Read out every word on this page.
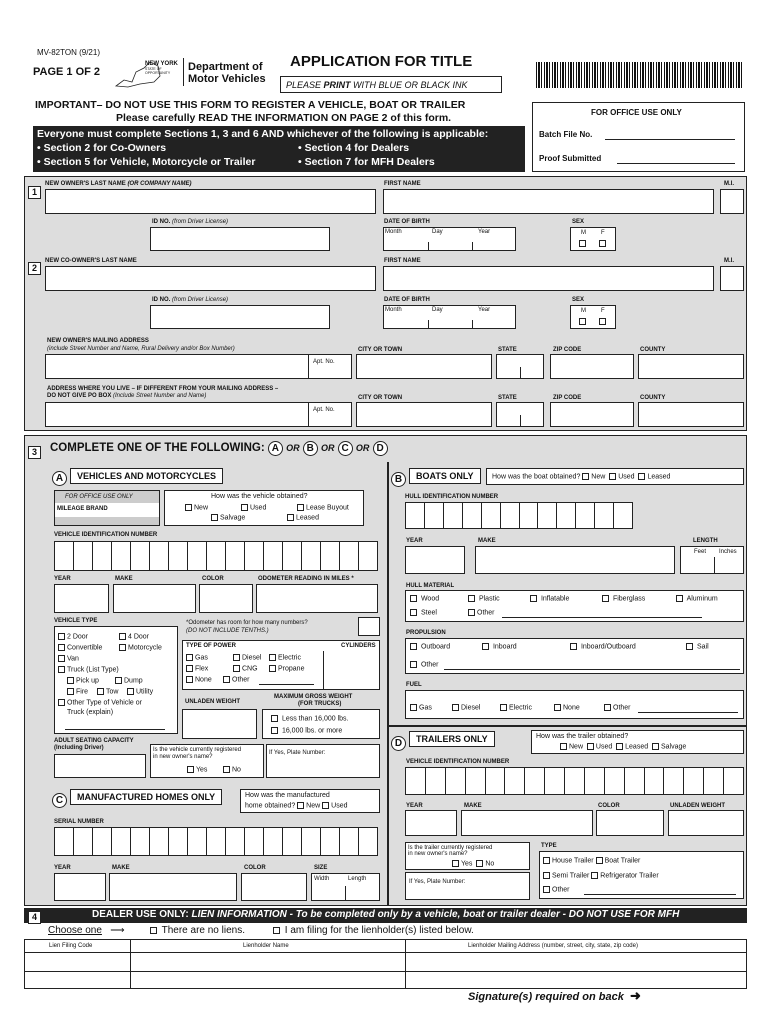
MV-82TON (9/21)
PAGE 1 OF 2
NEW YORK
STATE OF OPPORTUNITY Department of
Motor Vehicles
APPLICATION FOR TITLE
PLEASE PRINT WITH BLUE OR BLACK INK
IMPORTANT– DO NOT USE THIS FORM TO REGISTER A VEHICLE, BOAT OR TRAILER
Please carefully READ THE INFORMATION ON PAGE 2 of this form.
Everyone must complete Sections 1, 3 and 6 AND whichever of the following is applicable:
• Section 2 for Co-Owners	• Section 4 for Dealers
• Section 5 for Vehicle, Motorcycle or Trailer	• Section 7 for MFH Dealers
FOR OFFICE USE ONLY
Batch File No.
Proof Submitted
1
NEW OWNER'S LAST NAME (OR COMPANY NAME)	FIRST NAME	M.I.
ID NO. (from Driver License)	DATE OF BIRTH
Month	Day	Year
SEX
M	F
2
NEW CO-OWNER'S LAST NAME	FIRST NAME	M.I.
ID NO. (from Driver License)	DATE OF BIRTH
Month	Day	Year
SEX
M	F
NEW OWNER'S MAILING ADDRESS
(include Street Number and Name, Rural Delivery and/or Box Number)
Apt. No.
CITY OR TOWN	STATE	ZIP CODE	COUNTY
ADDRESS WHERE YOU LIVE – IF DIFFERENT FROM YOUR MAILING ADDRESS –
DO NOT GIVE PO BOX (Include Street Number and Name)
Apt. No.
CITY OR TOWN	STATE	ZIP CODE	COUNTY
3	COMPLETE ONE OF THE FOLLOWING: A OR B OR C OR D
A	VEHICLES AND MOTORCYCLES
FOR OFFICE USE ONLY
MILEAGE BRAND
How was the vehicle obtained?
New	Used	Lease Buyout
Salvage	Leased
VEHICLE IDENTIFICATION NUMBER
YEAR	MAKE	COLOR	ODOMETER READING IN MILES *
VEHICLE TYPE
2 Door	4 Door
Convertible	Motorcycle
Van
Truck (List Type)
Pick up	Dump
Fire	Tow	Utility
Other Type of Vehicle or
Truck (explain)
*Odometer has room for how many numbers?
(DO NOT INCLUDE TENTHS.)
TYPE OF POWER	CYLINDERS
Gas	Diesel	Electric
Flex	CNG	Propane
None	Other
UNLADEN WEIGHT
MAXIMUM GROSS WEIGHT
(FOR TRUCKS)
Less than 16,000 lbs.
16,000 lbs. or more
ADULT SEATING CAPACITY
(Including Driver)	Is the vehicle currently registered
in new owner's name?
Yes	No
If Yes, Plate Number:
C	MANUFACTURED HOMES ONLY	How was the manufactured
home obtained? New Used
SERIAL NUMBER
YEAR	MAKE	COLOR	SIZE
Width	Length
B	BOATS ONLY	How was the boat obtained? New Used Leased
HULL IDENTIFICATION NUMBER
YEAR	MAKE	LENGTH
Feet Inches
HULL MATERIAL
Wood	Plastic	Inflatable	Fiberglass	Aluminum
Steel	Other
PROPULSION
Outboard	Inboard	Inboard/Outboard	Sail
Other
FUEL
Gas	Diesel	Electric	None	Other
D	TRAILERS ONLY	How was the trailer obtained?
New Used Leased Salvage
VEHICLE IDENTIFICATION NUMBER
YEAR	MAKE	COLOR	UNLADEN WEIGHT
Is the trailer currently registered
in new owner's name?
Yes No
If Yes, Plate Number:
TYPE
House Trailer Boat Trailer
Semi Trailer Refrigerator Trailer
Other
DEALER USE ONLY: LIEN INFORMATION - To be completed only by a vehicle, boat or trailer dealer - DO NOT USE FOR MFH
4
Choose one ⟶	There are no liens.	I am filing for the lienholder(s) listed below.
Lien Filing Code	Lienholder Name	Lienholder Mailing Address (number, street, city, state, zip code)
Signature(s) required on back ➜
